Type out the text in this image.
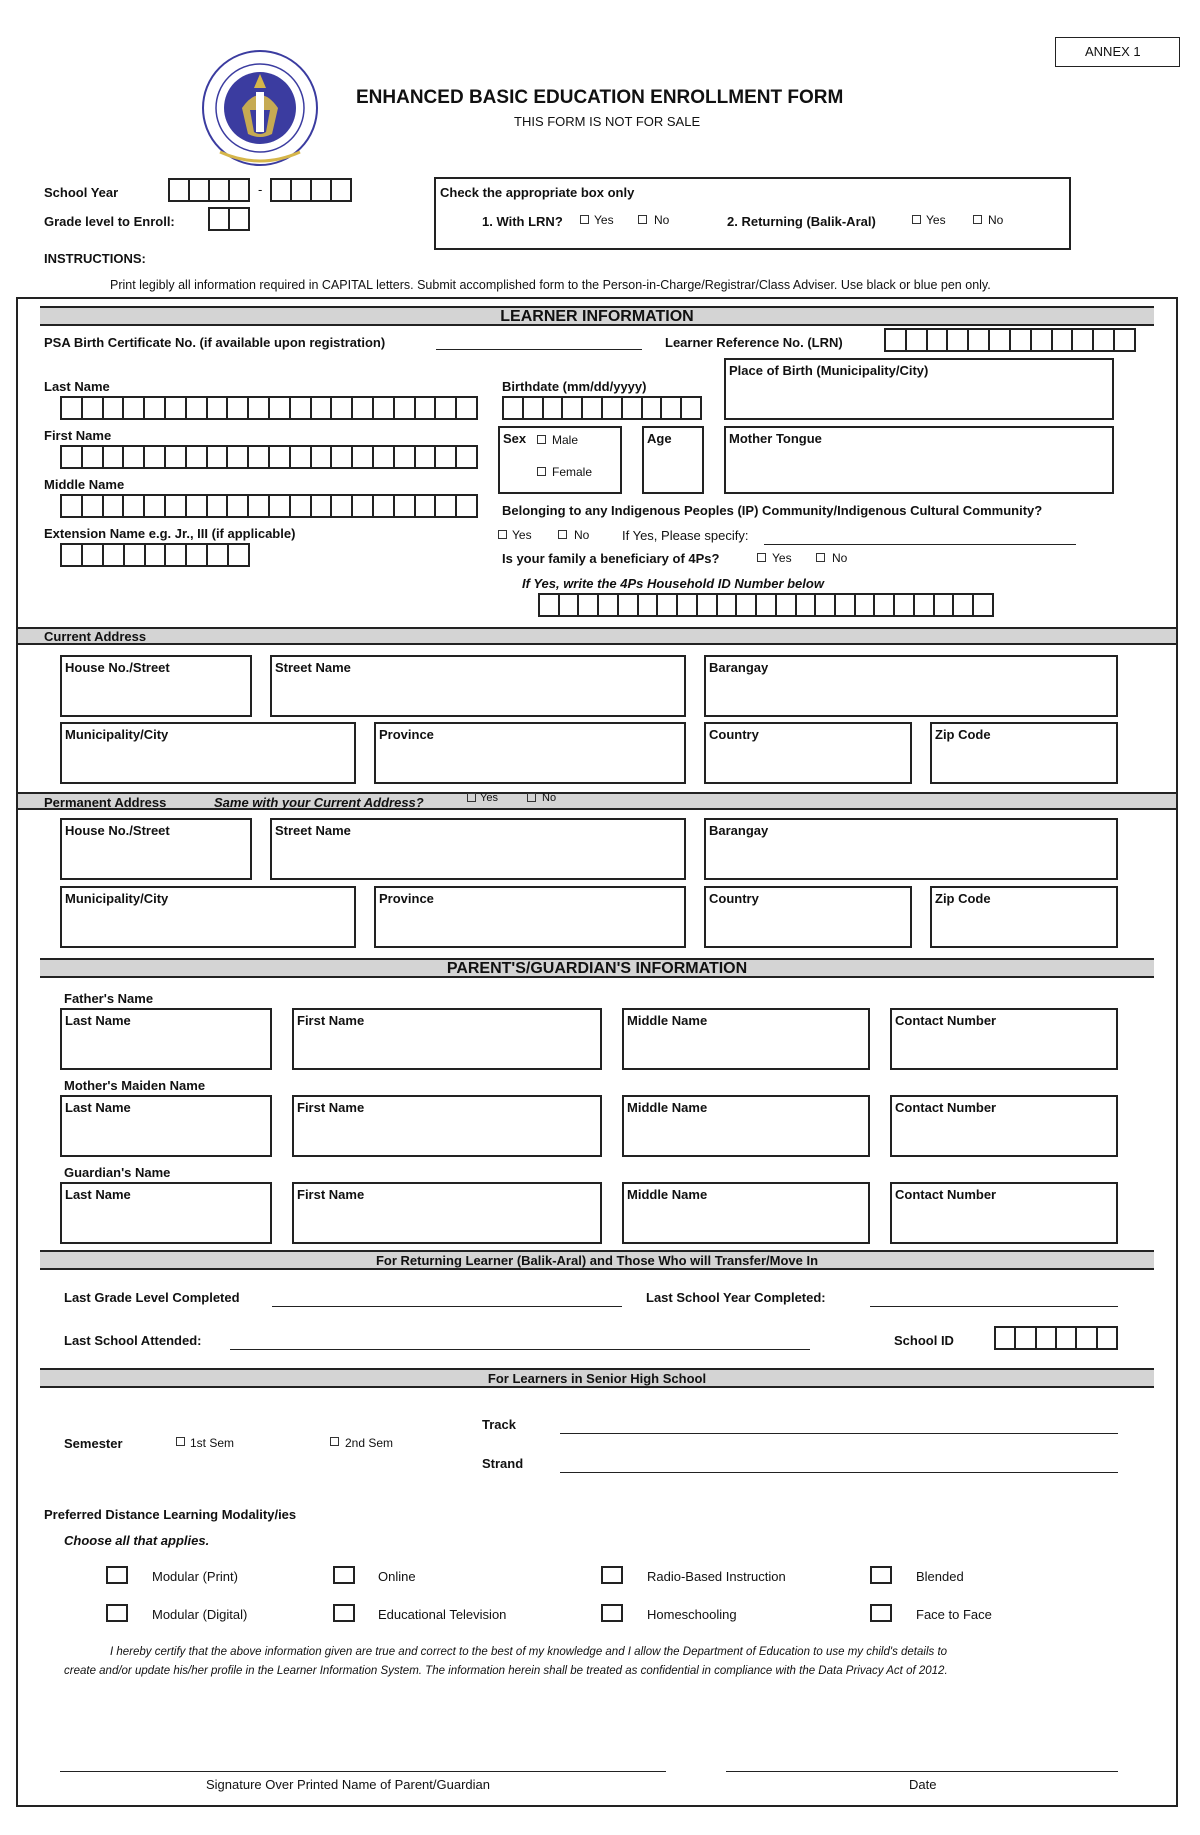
ANNEX 1
ENHANCED BASIC EDUCATION ENROLLMENT FORM
THIS FORM IS NOT FOR SALE
School Year	-
Grade level to Enroll:
Check the appropriate box only
1. With LRN?	Yes	No	2. Returning (Balik-Aral)	Yes	No
INSTRUCTIONS:
Print legibly all information required in CAPITAL letters. Submit accomplished form to the Person-in-Charge/Registrar/Class Adviser. Use black or blue pen only.
LEARNER INFORMATION
PSA Birth Certificate No. (if available upon registration)	Learner Reference No. (LRN)
Last Name
First Name
Middle Name
Extension Name e.g. Jr., III (if applicable)
Birthdate (mm/dd/yyyy)
Place of Birth (Municipality/City)
Sex Male
Female
Age	Mother Tongue
Belonging to any Indigenous Peoples (IP) Community/Indigenous Cultural Community?
Yes	No	If Yes, Please specify:
Is your family a beneficiary of 4Ps?	Yes	No
If Yes, write the 4Ps Household ID Number below
Current Address
House No./Street	Street Name	Barangay
Municipality/City	Province	Country	Zip Code
Permanent Address	Same with your Current Address?	Yes	No
House No./Street	Street Name	Barangay
Municipality/City	Province	Country	Zip Code
PARENT'S/GUARDIAN'S INFORMATION
Father's Name
Last Name	First Name	Middle Name	Contact Number
Mother's Maiden Name
Last Name	First Name	Middle Name	Contact Number
Guardian's Name
Last Name	First Name	Middle Name	Contact Number
For Returning Learner (Balik-Aral) and Those Who will Transfer/Move In
Last Grade Level Completed	Last School Year Completed:
Last School Attended:	School ID
For Learners in Senior High School
Semester	1st Sem	2nd Sem
Track
Strand
Preferred Distance Learning Modality/ies
Choose all that applies.
Modular (Print)	Online	Radio-Based Instruction	Blended
Modular (Digital)	Educational Television	Homeschooling	Face to Face
I hereby certify that the above information given are true and correct to the best of my knowledge and I allow the Department of Education to use my child's details to
create and/or update his/her profile in the Learner Information System. The information herein shall be treated as confidential in compliance with the Data Privacy Act of 2012.
Signature Over Printed Name of Parent/Guardian	Date
